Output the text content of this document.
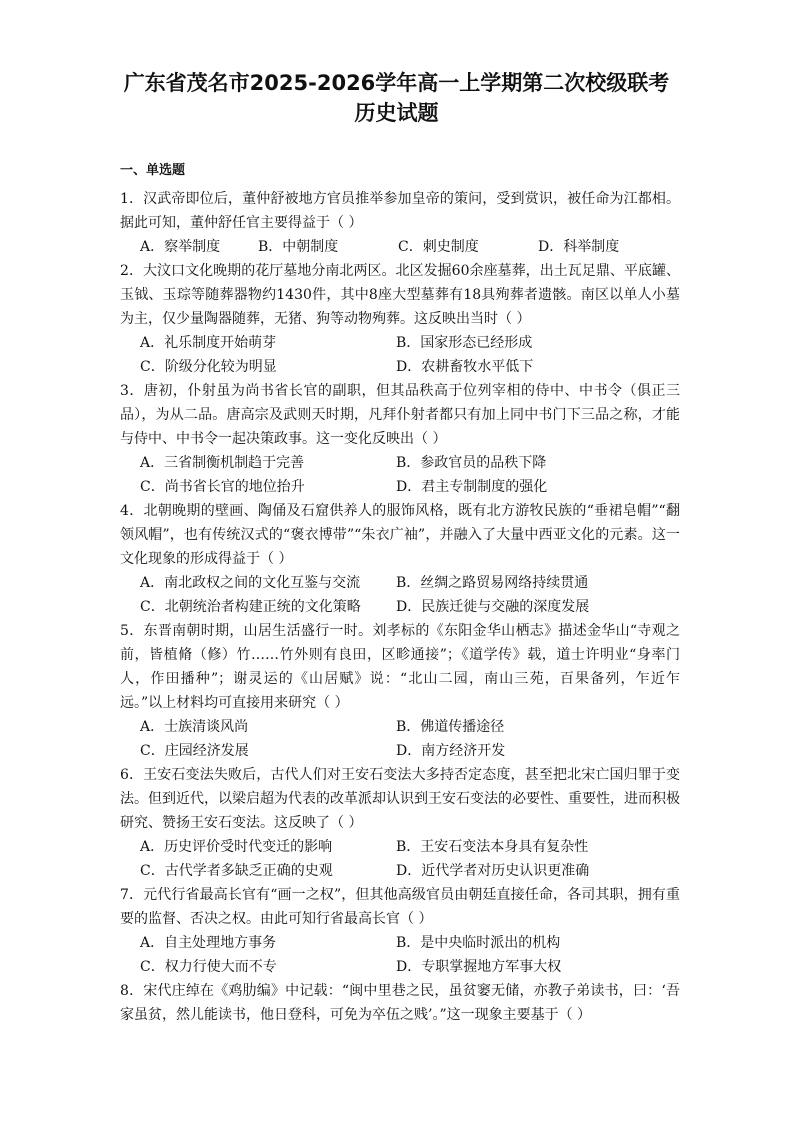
广东省茂名市2025-2026学年高一上学期第二次校级联考
历史试题
一、单选题
1．汉武帝即位后，董仲舒被地方官员推举参加皇帝的策问，受到赏识，被任命为江都相。据此可知，董仲舒任官主要得益于（ ）
A．察举制度	B．中朝制度	C．刺史制度	D．科举制度
2．大汶口文化晚期的花厅墓地分南北两区。北区发掘60余座墓葬，出土瓦足鼎、平底罐、玉钺、玉琮等随葬器物约1430件，其中8座大型墓葬有18具殉葬者遗骸。南区以单人小墓为主，仅少量陶器随葬，无猪、狗等动物殉葬。这反映出当时（ ）
A．礼乐制度开始萌芽	B．国家形态已经形成
C．阶级分化较为明显	D．农耕畜牧水平低下
3．唐初，仆射虽为尚书省长官的副职，但其品秩高于位列宰相的侍中、中书令（俱正三品），为从二品。唐高宗及武则天时期，凡拜仆射者都只有加上同中书门下三品之称，才能与侍中、中书令一起决策政事。这一变化反映出（ ）
A．三省制衡机制趋于完善	B．参政官员的品秩下降
C．尚书省长官的地位抬升	D．君主专制制度的强化
4．北朝晚期的壁画、陶俑及石窟供养人的服饰风格，既有北方游牧民族的“垂裙皂帽”“翻领风帽”，也有传统汉式的“褒衣博带”“朱衣广袖”，并融入了大量中西亚文化的元素。这一文化现象的形成得益于（ ）
A．南北政权之间的文化互鉴与交流	B．丝绸之路贸易网络持续贯通
C．北朝统治者构建正统的文化策略	D．民族迁徙与交融的深度发展
5．东晋南朝时期，山居生活盛行一时。刘孝标的《东阳金华山栖志》描述金华山“寺观之前，皆植脩（修）竹……竹外则有良田，区畛通接”；《道学传》载，道士许明业“身率门人，作田播种”；谢灵运的《山居赋》说：“北山二园，南山三苑，百果备列，乍近乍远。”以上材料均可直接用来研究（ ）
A．士族清谈风尚	B．佛道传播途径
C．庄园经济发展	D．南方经济开发
6．王安石变法失败后，古代人们对王安石变法大多持否定态度，甚至把北宋亡国归罪于变法。但到近代，以梁启超为代表的改革派却认识到王安石变法的必要性、重要性，进而积极研究、赞扬王安石变法。这反映了（ ）
A．历史评价受时代变迁的影响	B．王安石变法本身具有复杂性
C．古代学者多缺乏正确的史观	D．近代学者对历史认识更准确
7．元代行省最高长官有“画一之权”，但其他高级官员由朝廷直接任命，各司其职，拥有重要的监督、否决之权。由此可知行省最高长官（ ）
A．自主处理地方事务	B．是中央临时派出的机构
C．权力行使大而不专	D．专职掌握地方军事大权
8．宋代庄绰在《鸡肋编》中记载：“闽中里巷之民，虽贫窭无储，亦教子弟读书，曰：‘吾家虽贫，然儿能读书，他日登科，可免为卒伍之贱’。”这一现象主要基于（ ）
